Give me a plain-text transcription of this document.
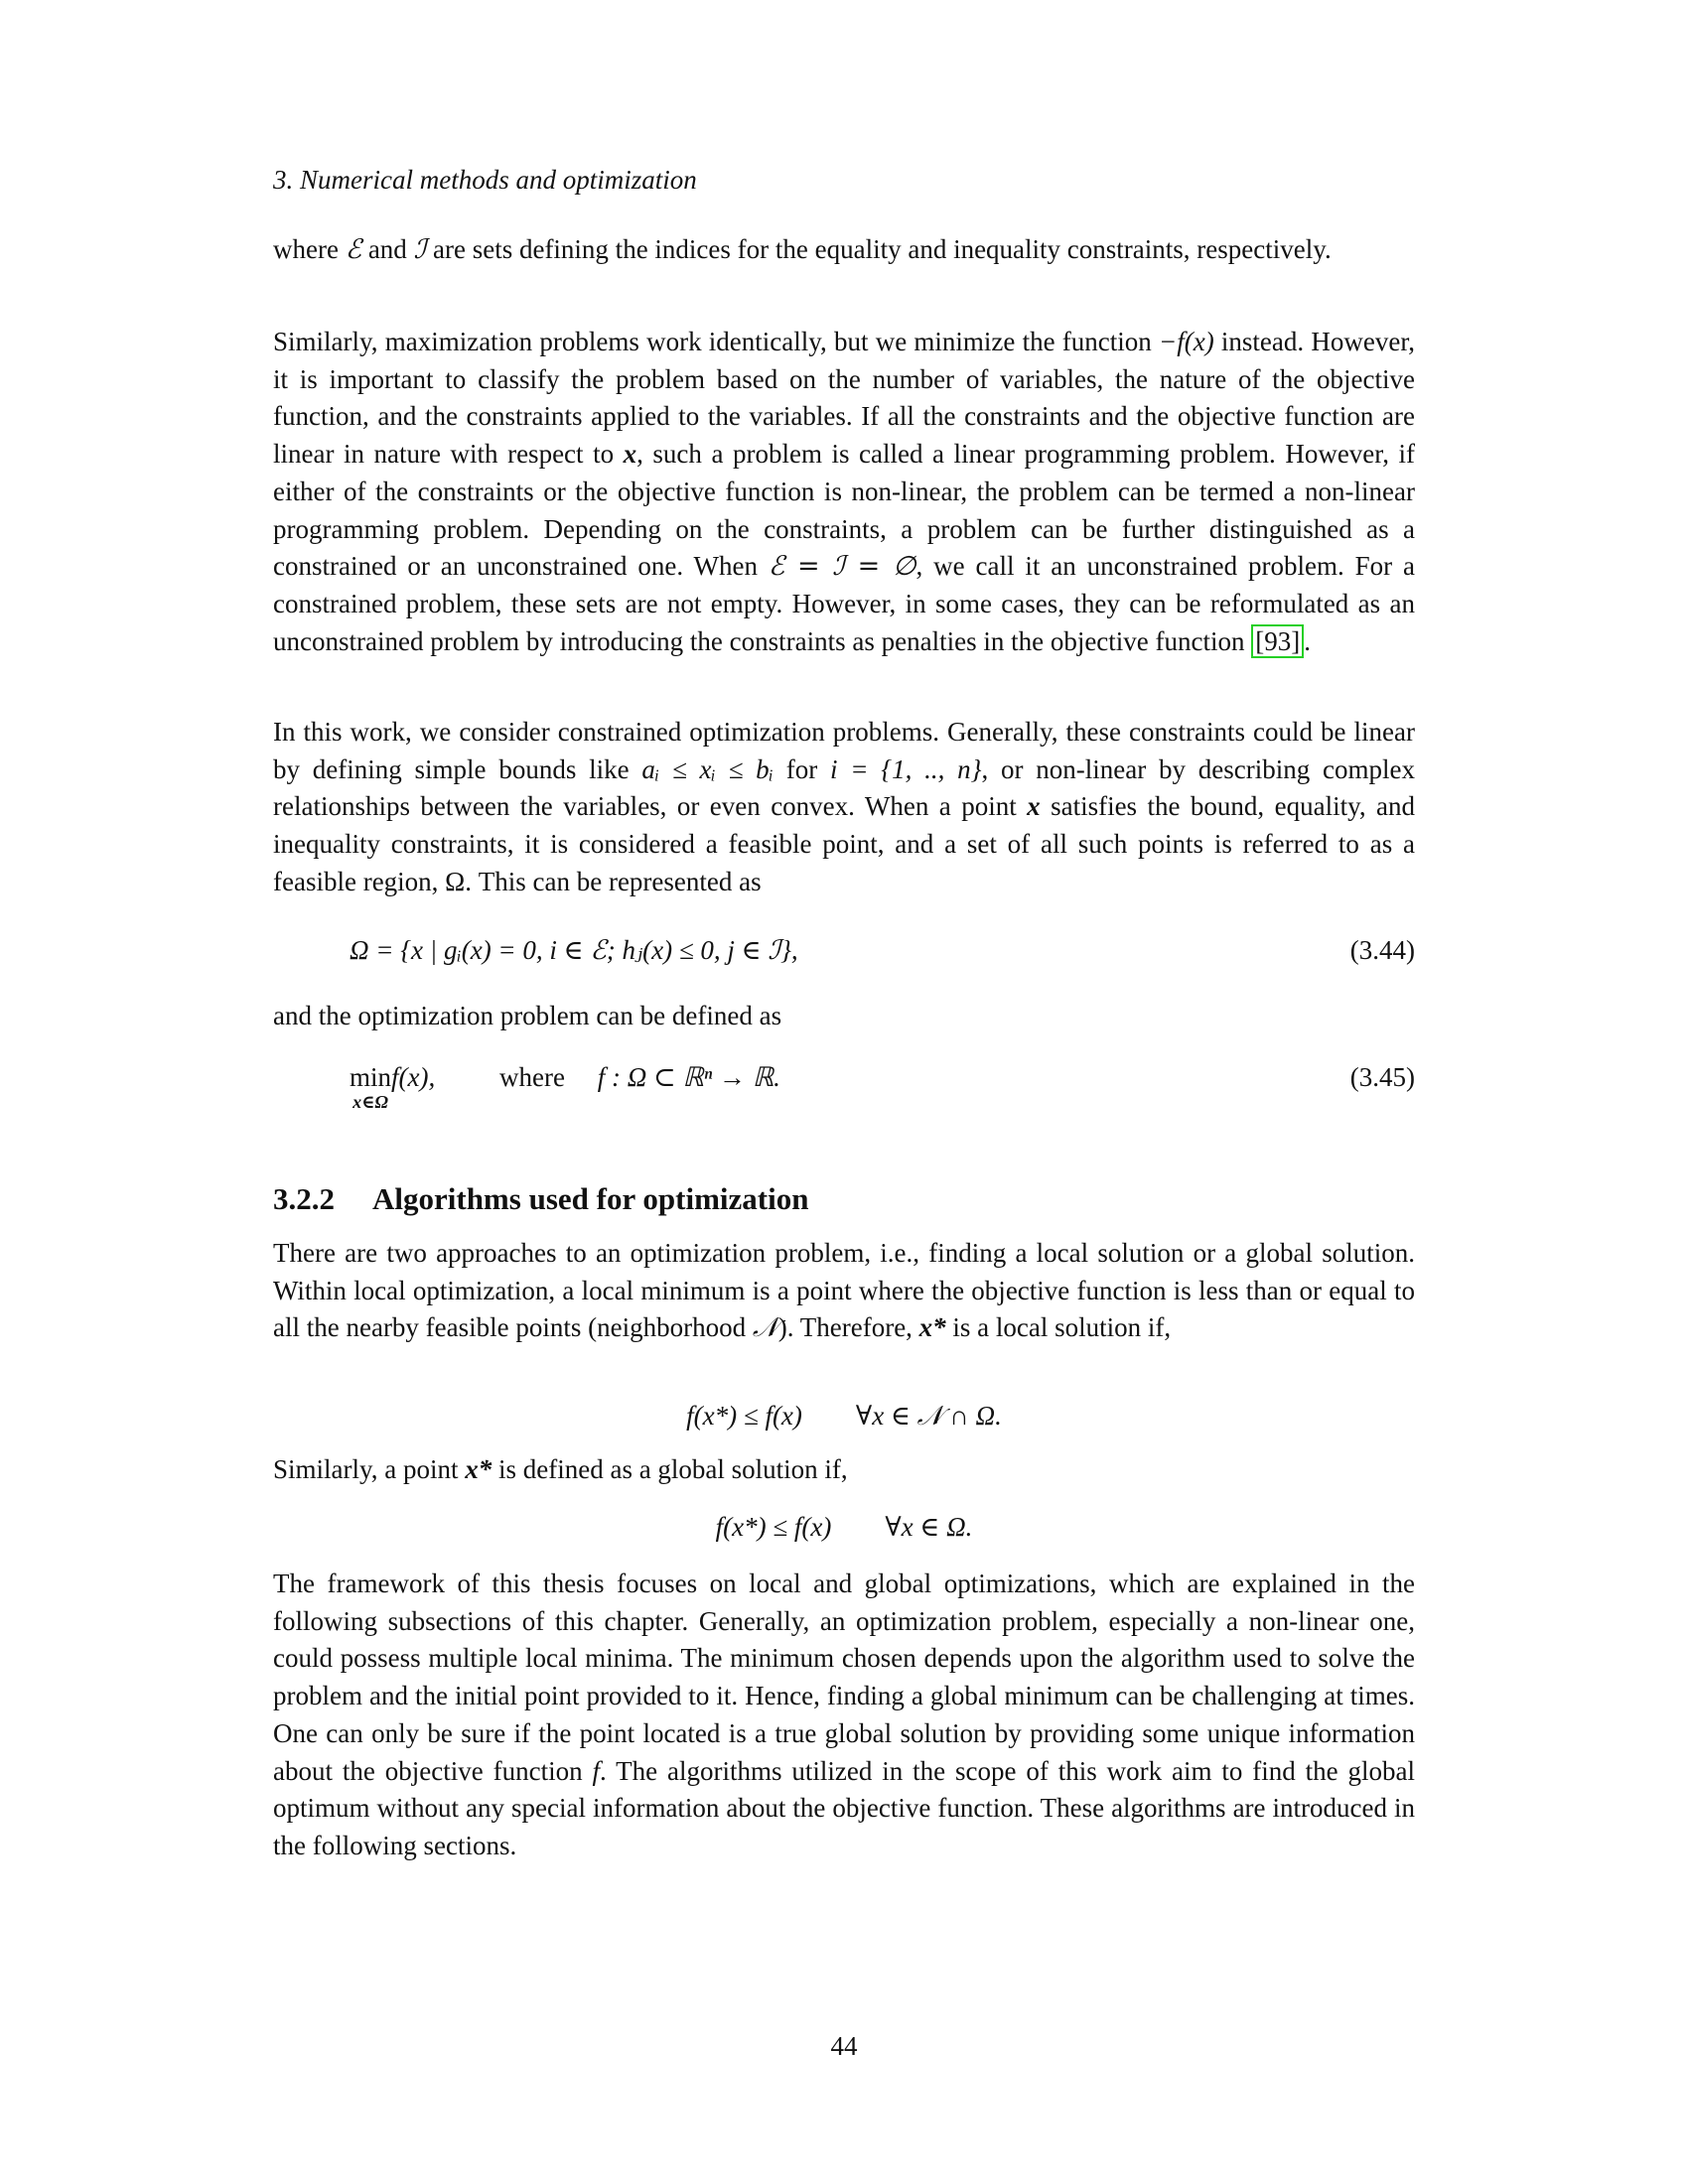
3. Numerical methods and optimization

where ℰ and ℐ are sets defining the indices for the equality and inequality constraints, respectively.

Similarly, maximization problems work identically, but we minimize the function −f(x) instead. However, it is important to classify the problem based on the number of variables, the nature of the objective function, and the constraints applied to the variables. If all the constraints and the objective function are linear in nature with respect to x, such a problem is called a linear programming problem. However, if either of the constraints or the objective function is non-linear, the problem can be termed a non-linear programming problem. Depending on the constraints, a problem can be further distinguished as a constrained or an unconstrained one. When ℰ = ℐ = ∅, we call it an unconstrained problem. For a constrained problem, these sets are not empty. However, in some cases, they can be reformulated as an unconstrained problem by introducing the constraints as penalties in the objective function [93] .

In this work, we consider constrained optimization problems. Generally, these constraints could be linear by defining simple bounds like aᵢ ≤ xᵢ ≤ bᵢ for i = {1, .., n}, or non-linear by describing complex relationships between the variables, or even convex. When a point x satisfies the bound, equality, and inequality constraints, it is considered a feasible point, and a set of all such points is referred to as a feasible region, Ω. This can be represented as

Ω = {x | gᵢ(x) = 0, i ∈ ℰ; hⱼ(x) ≤ 0, j ∈ ℐ},	(3.44)

and the optimization problem can be defined as

min
x∈Ω
f(x), where f : Ω ⊂ ℝⁿ → ℝ.	(3.45)
3.2.2 Algorithms used for optimization

There are two approaches to an optimization problem, i.e., finding a local solution or a global solution. Within local optimization, a local minimum is a point where the objective function is less than or equal to all the nearby feasible points (neighborhood 𝒩). Therefore, x* is a local solution if,

f(x*) ≤ f(x)        ∀x ∈ 𝒩 ∩ Ω.

Similarly, a point x* is defined as a global solution if,

f(x*) ≤ f(x)        ∀x ∈ Ω.

The framework of this thesis focuses on local and global optimizations, which are explained in the following subsections of this chapter. Generally, an optimization problem, especially a non-linear one, could possess multiple local minima. The minimum chosen depends upon the algorithm used to solve the problem and the initial point provided to it. Hence, finding a global minimum can be challenging at times. One can only be sure if the point located is a true global solution by providing some unique information about the objective function f. The algorithms utilized in the scope of this work aim to find the global optimum without any special information about the objective function. These algorithms are introduced in the following sections.

44
